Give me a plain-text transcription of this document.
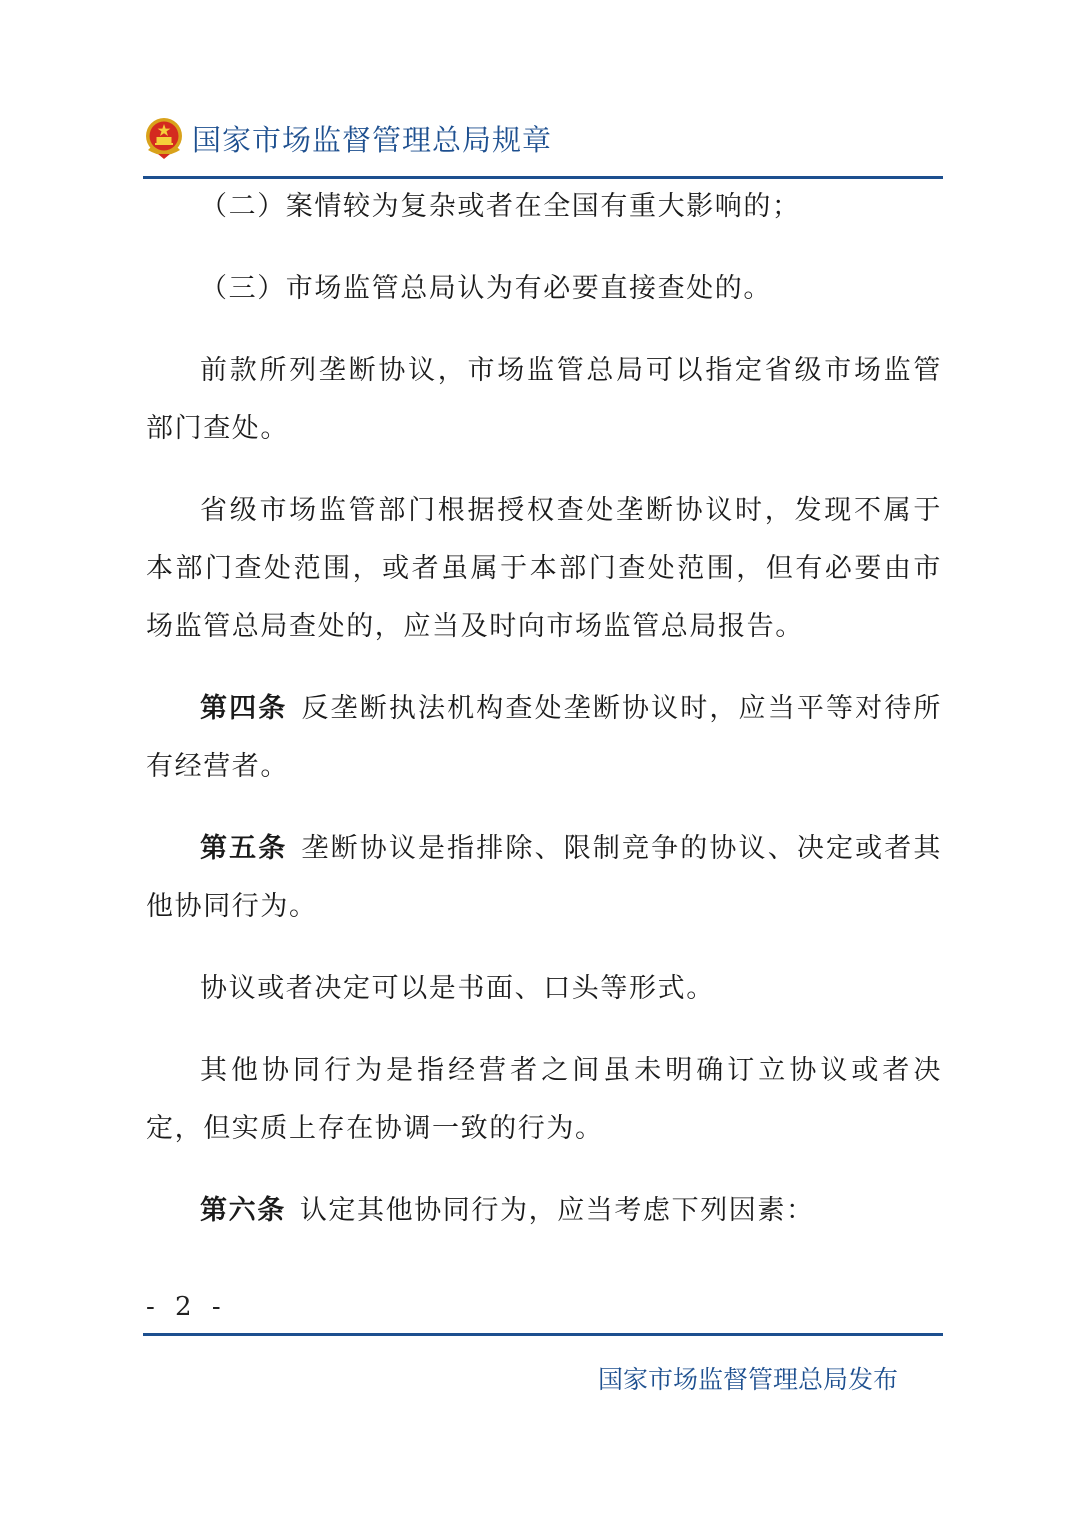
国家市场监督管理总局规章

（二）案情较为复杂或者在全国有重大影响的；

（三）市场监管总局认为有必要直接查处的。

前款所列垄断协议，市场监管总局可以指定省级市场监管部门查处。

省级市场监管部门根据授权查处垄断协议时，发现不属于本部门查处范围，或者虽属于本部门查处范围，但有必要由市场监管总局查处的，应当及时向市场监管总局报告。

第四条 反垄断执法机构查处垄断协议时，应当平等对待所有经营者。

第五条 垄断协议是指排除、限制竞争的协议、决定或者其他协同行为。

协议或者决定可以是书面、口头等形式。

其他协同行为是指经营者之间虽未明确订立协议或者决定，但实质上存在协调一致的行为。

第六条 认定其他协同行为，应当考虑下列因素：

- 2 -
国家市场监督管理总局发布
